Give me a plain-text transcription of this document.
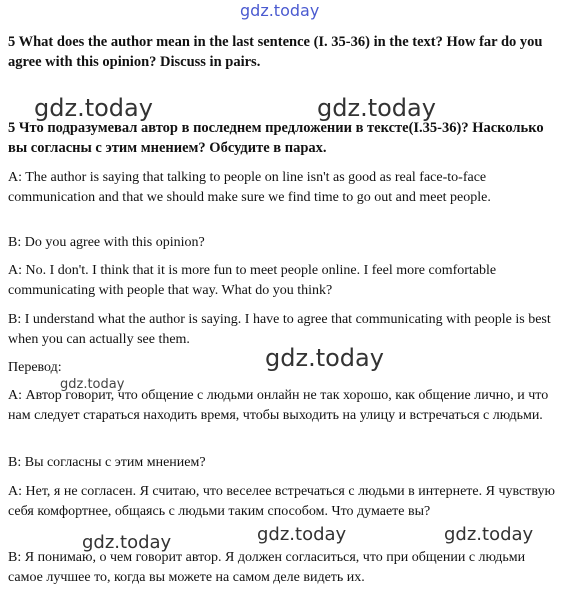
gdz.today

5 What does the author mean in the last sentence (I. 35-36) in the text? How far do you agree with this opinion? Discuss in pairs.

gdz.today	gdz.today

5 Что подразумевал автор в последнем предложении в тексте(I.35-36)? Насколько вы согласны с этим мнением? Обсудите в парах.

A: The author is saying that talking to people on line isn't as good as real face-to-face communication and that we should make sure we find time to go out and meet people.

B: Do you agree with this opinion?

A: No. I don't. I think that it is more fun to meet people online. I feel more comfortable communicating with people that way. What do you think?

B: I understand what the author is saying. I have to agree that communicating with people is best when you can actually see them.

gdz.today

Перевод:

gdz.today

A: Автор говорит, что общение с людьми онлайн не так хорошо, как общение лично, и что нам следует стараться находить время, чтобы выходить на улицу и встречаться с людьми.

B: Вы согласны с этим мнением?

A: Нет, я не согласен. Я считаю, что веселее встречаться с людьми в интернете. Я чувствую себя комфортнее, общаясь с людьми таким способом. Что думаете вы?

gdz.today	gdz.today	gdz.today

B: Я понимаю, о чем говорит автор. Я должен согласиться, что при общении с людьми самое лучшее то, когда вы можете на самом деле видеть их.
